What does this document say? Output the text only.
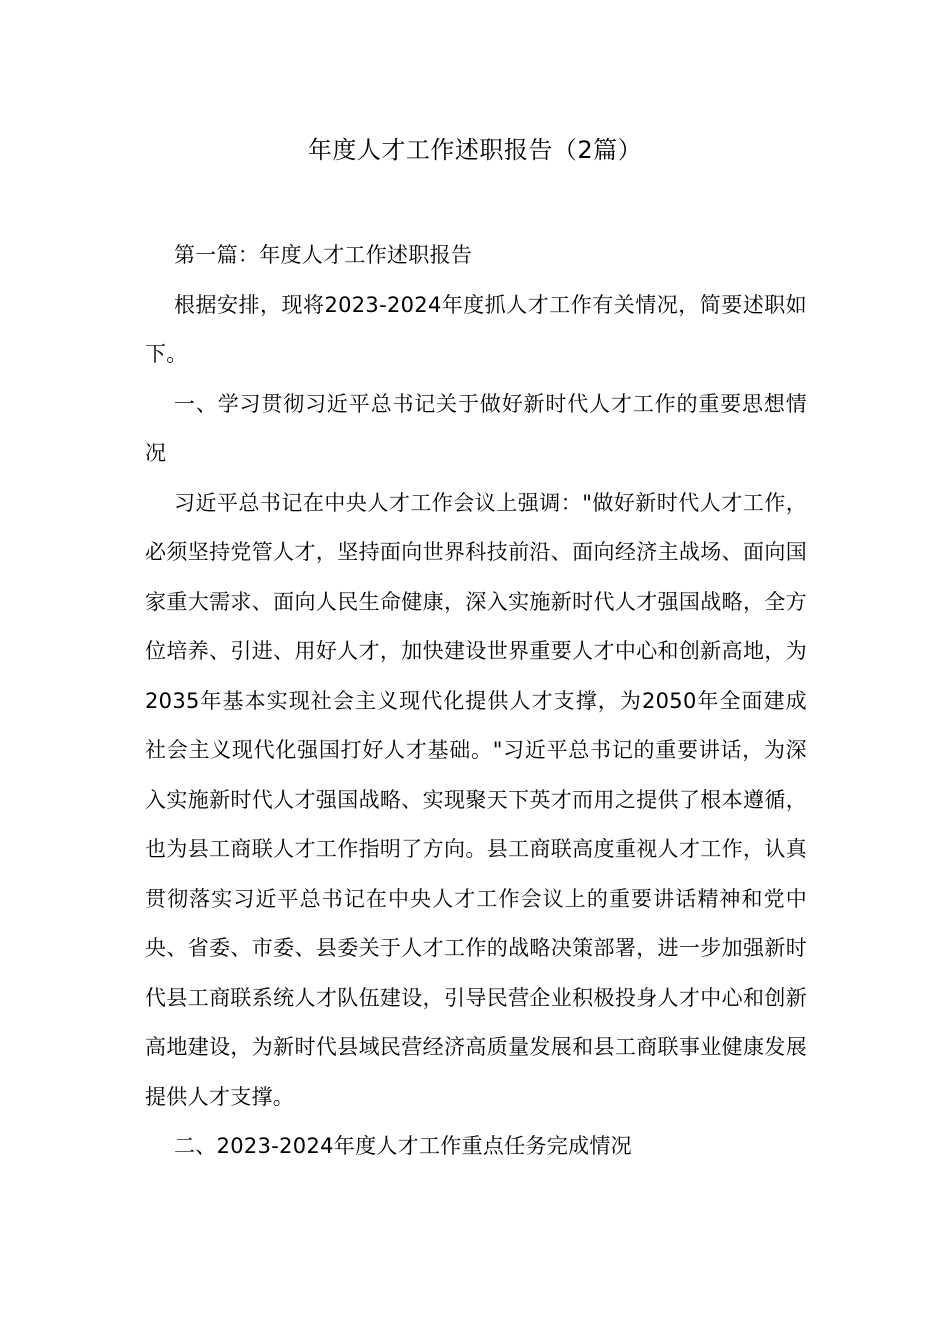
年度人才工作述职报告（2篇）

第一篇：年度人才工作述职报告

根据安排，现将2023-2024年度抓人才工作有关情况，简要述职如下。

一、学习贯彻习近平总书记关于做好新时代人才工作的重要思想情况

习近平总书记在中央人才工作会议上强调："做好新时代人才工作，必须坚持党管人才，坚持面向世界科技前沿、面向经济主战场、面向国家重大需求、面向人民生命健康，深入实施新时代人才强国战略，全方位培养、引进、用好人才，加快建设世界重要人才中心和创新高地，为2035年基本实现社会主义现代化提供人才支撑，为2050年全面建成社会主义现代化强国打好人才基础。"习近平总书记的重要讲话，为深入实施新时代人才强国战略、实现聚天下英才而用之提供了根本遵循，也为县工商联人才工作指明了方向。县工商联高度重视人才工作，认真贯彻落实习近平总书记在中央人才工作会议上的重要讲话精神和党中央、省委、市委、县委关于人才工作的战略决策部署，进一步加强新时代县工商联系统人才队伍建设，引导民营企业积极投身人才中心和创新高地建设，为新时代县域民营经济高质量发展和县工商联事业健康发展提供人才支撑。

二、2023-2024年度人才工作重点任务完成情况
